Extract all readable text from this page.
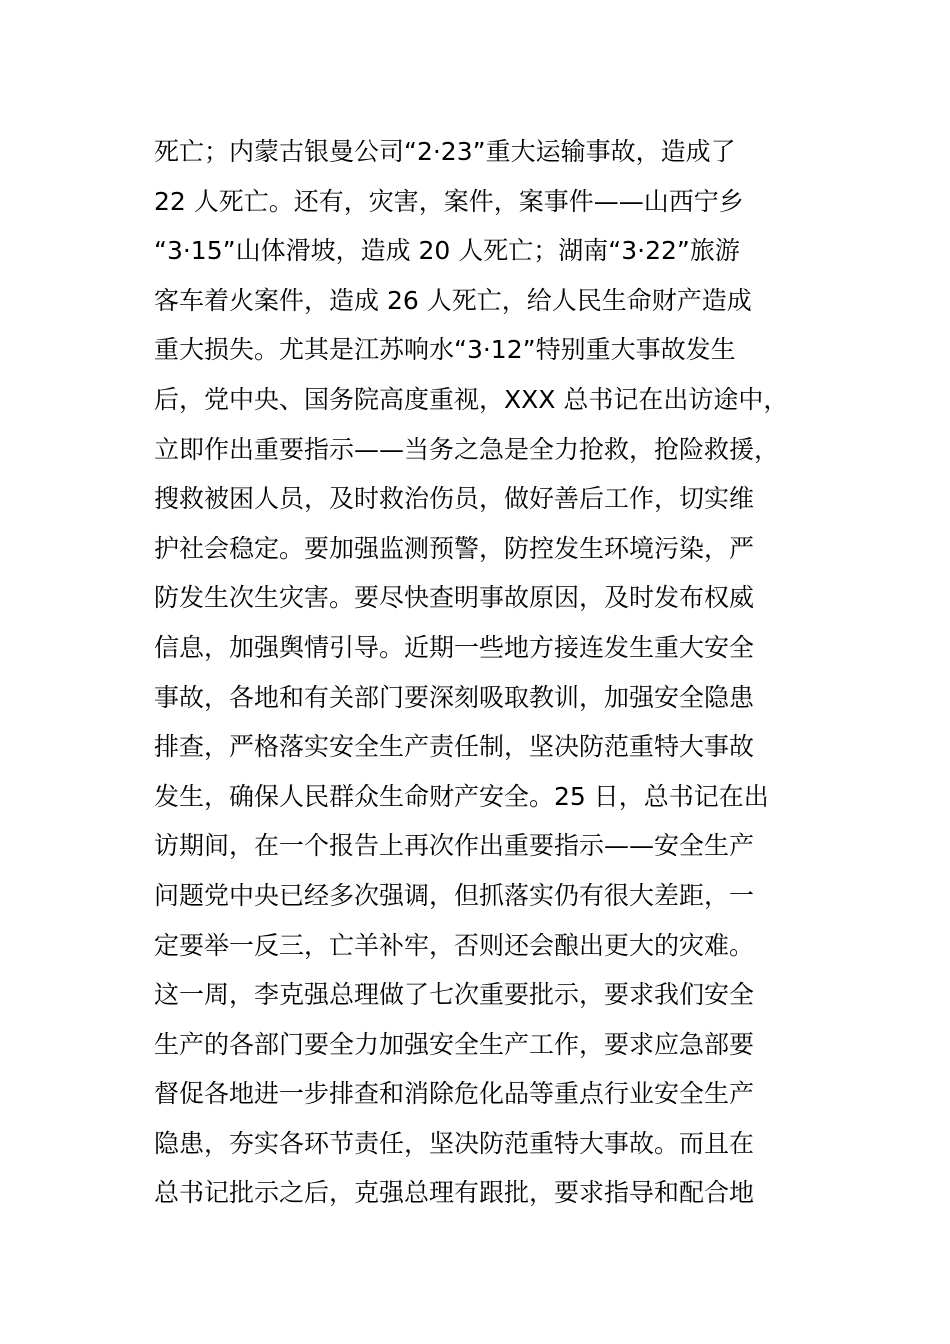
死亡；内蒙古银曼公司“2·23”重大运输事故，造成了
22 人死亡。还有，灾害，案件，案事件——山西宁乡
“3·15”山体滑坡，造成 20 人死亡；湖南“3·22”旅游
客车着火案件，造成 26 人死亡，给人民生命财产造成
重大损失。尤其是江苏响水“3·12”特别重大事故发生
后，党中央、国务院高度重视，XXX 总书记在出访途中，
立即作出重要指示——当务之急是全力抢救，抢险救援，
搜救被困人员，及时救治伤员，做好善后工作，切实维
护社会稳定。要加强监测预警，防控发生环境污染，严
防发生次生灾害。要尽快查明事故原因，及时发布权威
信息，加强舆情引导。近期一些地方接连发生重大安全
事故，各地和有关部门要深刻吸取教训，加强安全隐患
排查，严格落实安全生产责任制，坚决防范重特大事故
发生，确保人民群众生命财产安全。25 日，总书记在出
访期间，在一个报告上再次作出重要指示——安全生产
问题党中央已经多次强调，但抓落实仍有很大差距，一
定要举一反三，亡羊补牢，否则还会酿出更大的灾难。
这一周，李克强总理做了七次重要批示，要求我们安全
生产的各部门要全力加强安全生产工作，要求应急部要
督促各地进一步排查和消除危化品等重点行业安全生产
隐患，夯实各环节责任，坚决防范重特大事故。而且在
总书记批示之后，克强总理有跟批，要求指导和配合地
